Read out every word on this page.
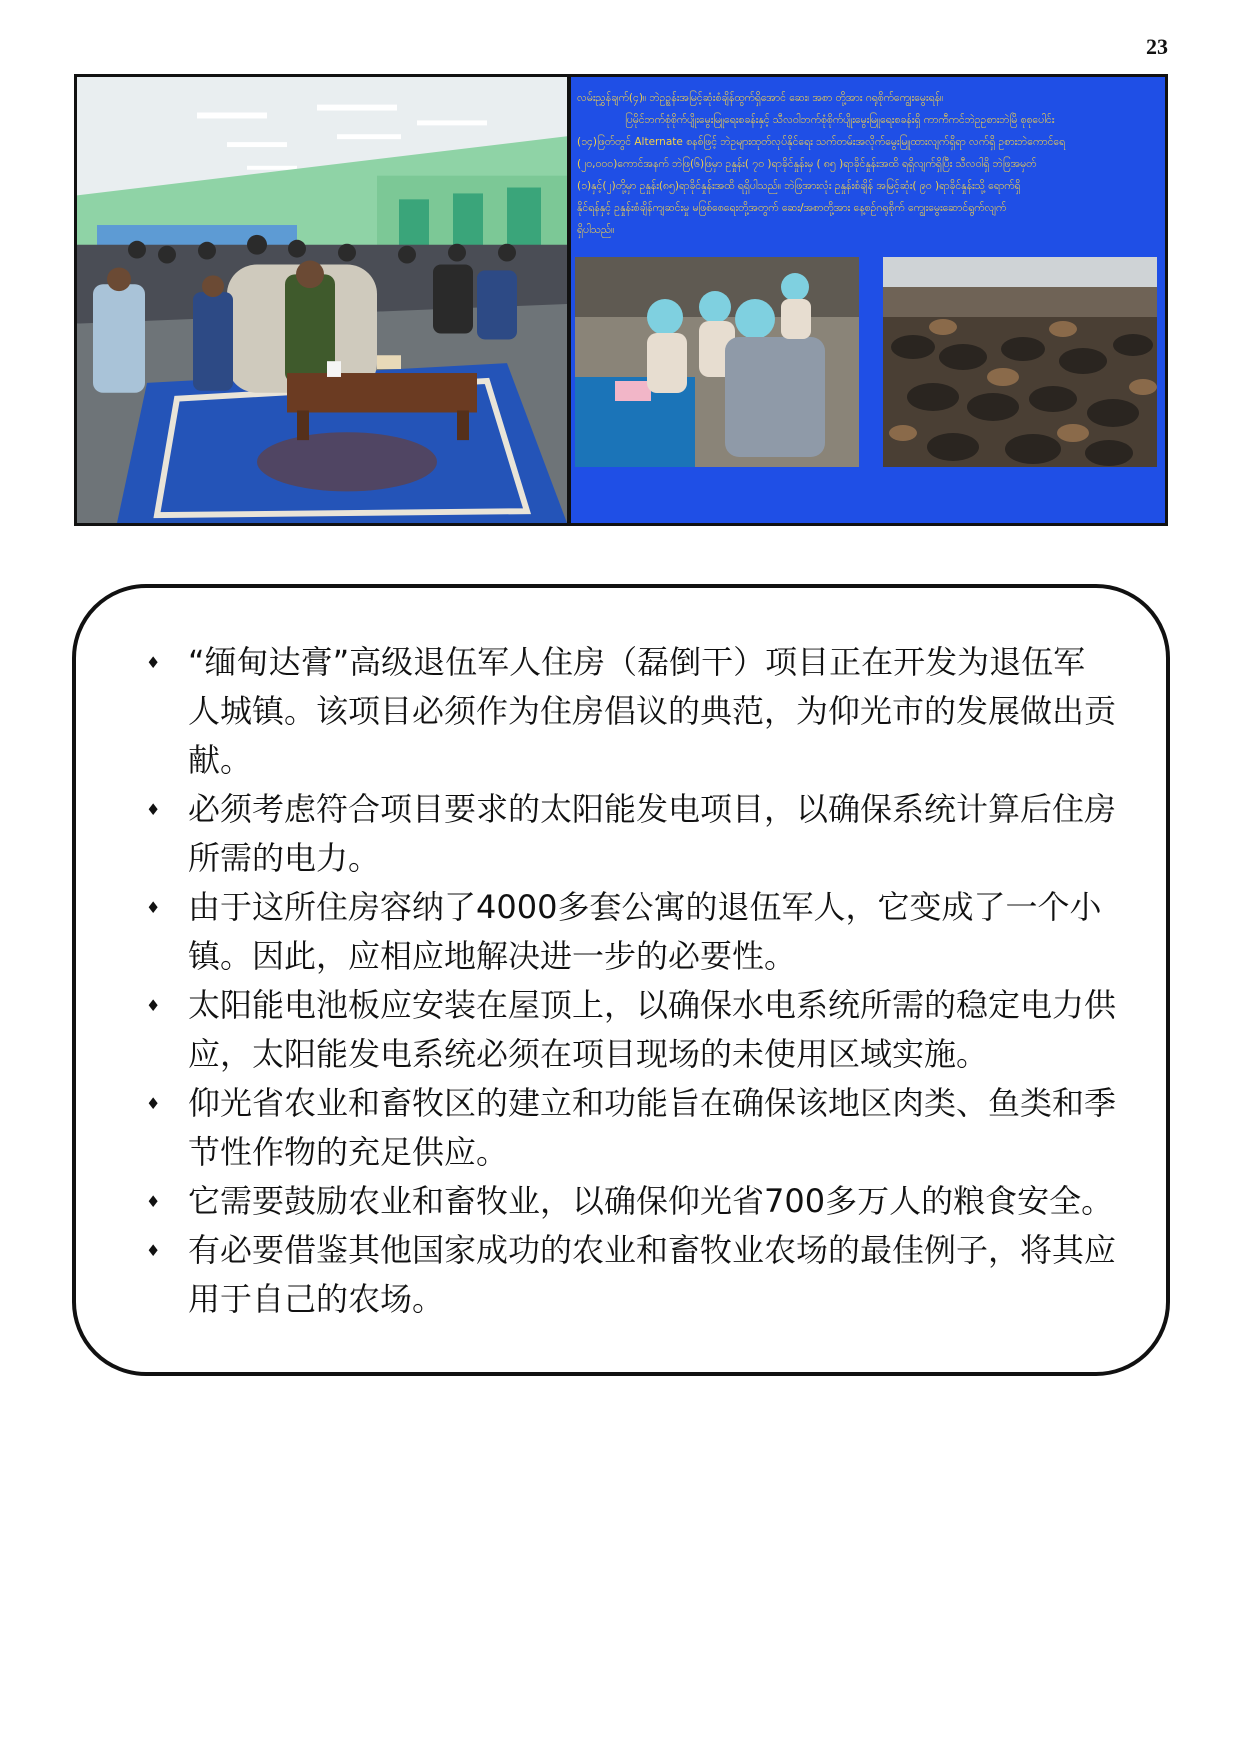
23
လမ်းညွှန်ချက်(၄)။ ဘဲဥဥွန်းအမြင့်ဆုံးစံချိန်ထွက်ရှိအောင် ဆေး၊ အစာ တို့အား ဂရုစိုက်ကျွေးမွေးရန်။
ပြမိုင်ဘက်စုံစိုက်ပျိုးမွေးမြူရေးစခန်းနှင့် သီလဝါဘက်စုံစိုက်ပျိုးမွေးမြူရေးစခန်းရှိ ကာကီကင်ဘဲဥဥစားဘဲမြိ စုစုပေါင်း
(၁၄)ဖြတ်တွင် Alternate စနစ်ဖြင့် ဘဲဥများထုတ်လုပ်နိုင်ရေး သက်တမ်းအလိုက်မွေးမြူထားလျက်ရှိရာ လက်ရှိ ဥစားဘဲကောင်ရေ
(၂၀,၀၀၀)ကောင်အနက် ဘဲဖြ(၆)ဖြမှာ ဥနှုန်း( ၇၀ )ရာခိုင်နှုန်းမှ ( ၈၅ )ရာခိုင်နှုန်းအထိ ရရှိလျက်ရှိပြီး သီလဝါရှိ ဘဲဖြအမှတ်
(၁)နှင့်(၂)တို့မှာ ဥနှုန်း(၈၅)ရာခိုင်နှုန်းအထိ ရရှိပါသည်။ ဘဲဖြအားလုံး ဥနှုန်းစံချိန် အမြင့်ဆုံး( ၉၀ )ရာခိုင်နှုန်းသို့ ရောက်ရှိ
နိုင်ရန်နှင့် ဥနှုန်းစံချိန်ကျဆင်းမှု မဖြစ်စေရေးတို့အတွက် ဆေး/အစာတို့အား နေ့စဉ်ဂရုစိုက် ကျွေးမွေးဆောင်ရွက်လျက်
ရှိပါသည်။
♦ “缅甸达膏”高级退伍军人住房（磊倒干）项目正在开发为退伍军人城镇。该项目必须作为住房倡议的典范，为仰光市的发展做出贡献。
♦ 必须考虑符合项目要求的太阳能发电项目，以确保系统计算后住房所需的电力。
♦ 由于这所住房容纳了4000多套公寓的退伍军人，它变成了一个小镇。因此，应相应地解决进一步的必要性。
♦ 太阳能电池板应安装在屋顶上，以确保水电系统所需的稳定电力供应，太阳能发电系统必须在项目现场的未使用区域实施。
♦ 仰光省农业和畜牧区的建立和功能旨在确保该地区肉类、鱼类和季节性作物的充足供应。
♦ 它需要鼓励农业和畜牧业，以确保仰光省700多万人的粮食安全。
♦ 有必要借鉴其他国家成功的农业和畜牧业农场的最佳例子，将其应用于自己的农场。
